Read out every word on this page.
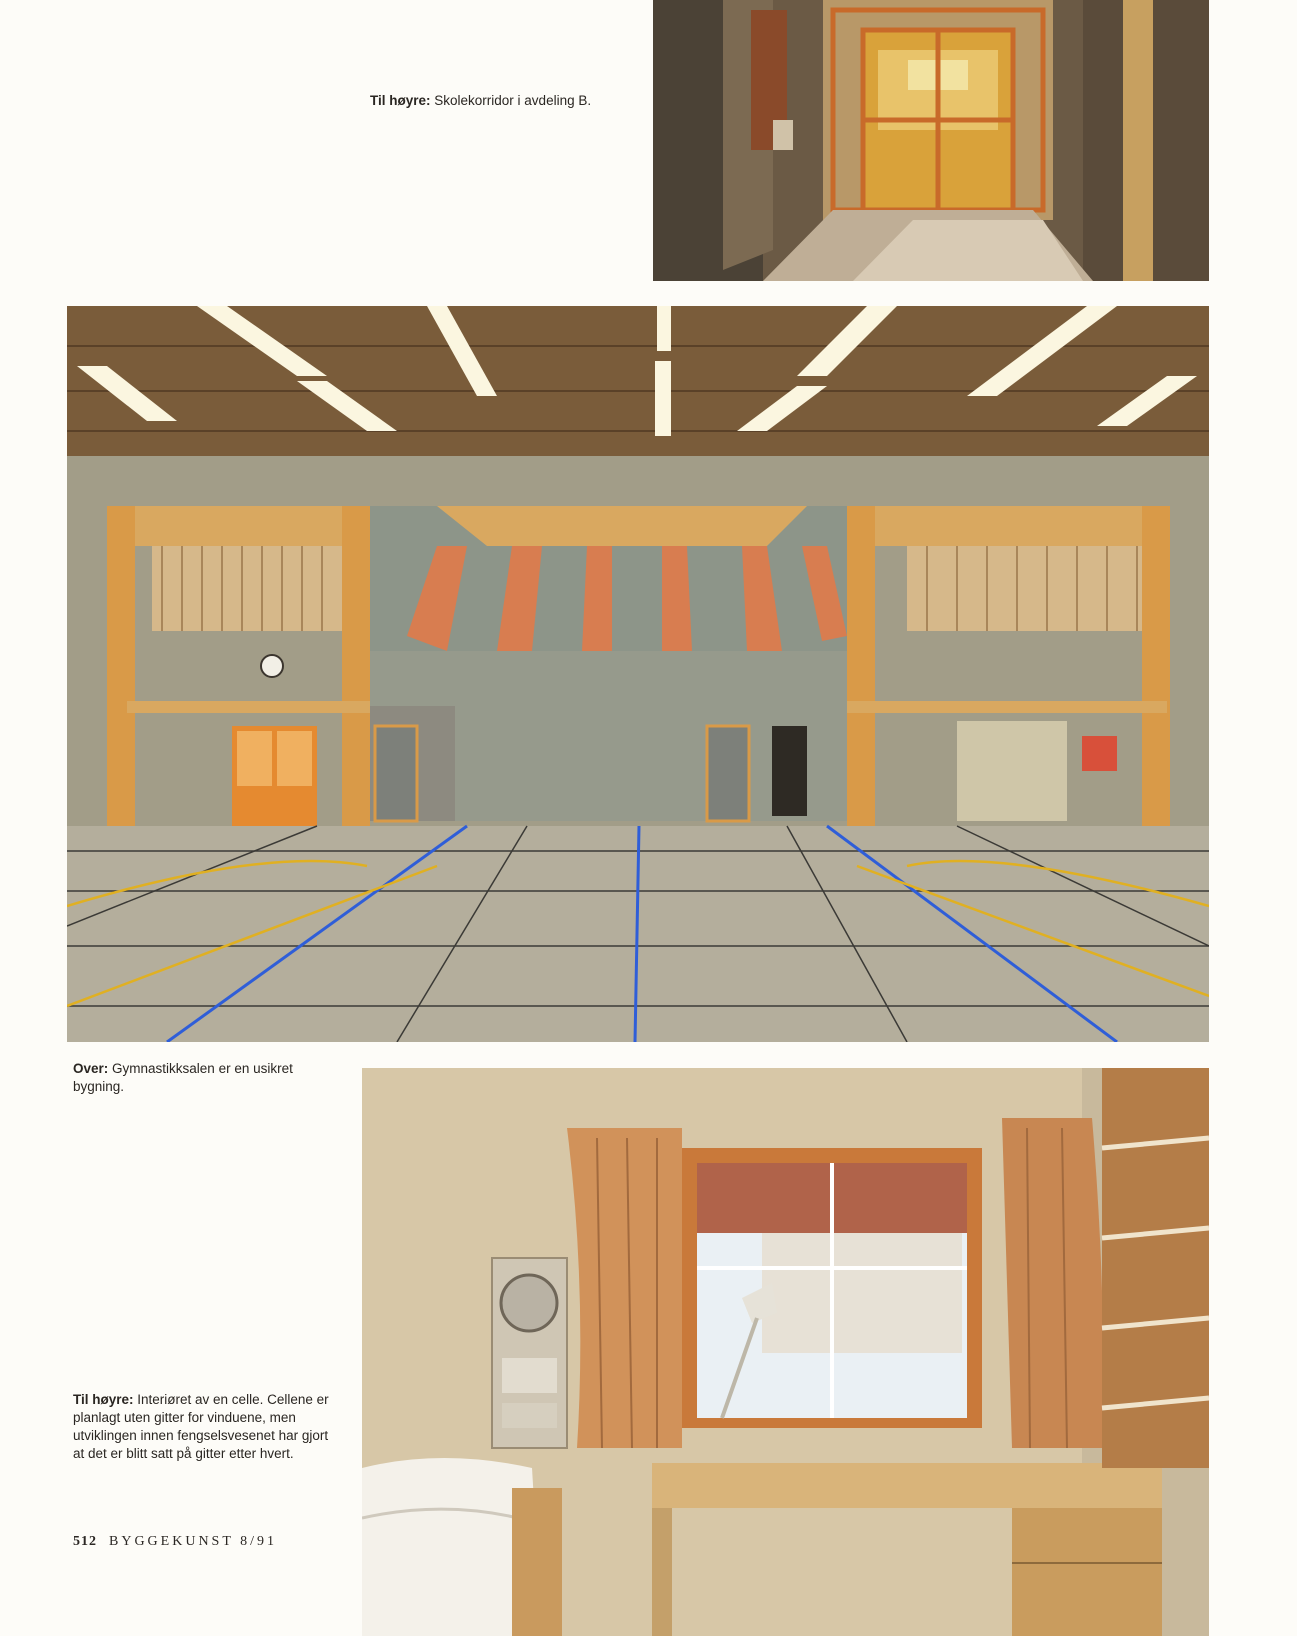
Til høyre: Skolekorridor i avdeling B.
Over: Gymnastikksalen er en usikret bygning.
Til høyre: Interiøret av en celle. Cellene er planlagt uten gitter for vinduene, men utviklingen innen fengselsvesenet har gjort at det er blitt satt på gitter etter hvert.
512 BYGGEKUNST 8/91
